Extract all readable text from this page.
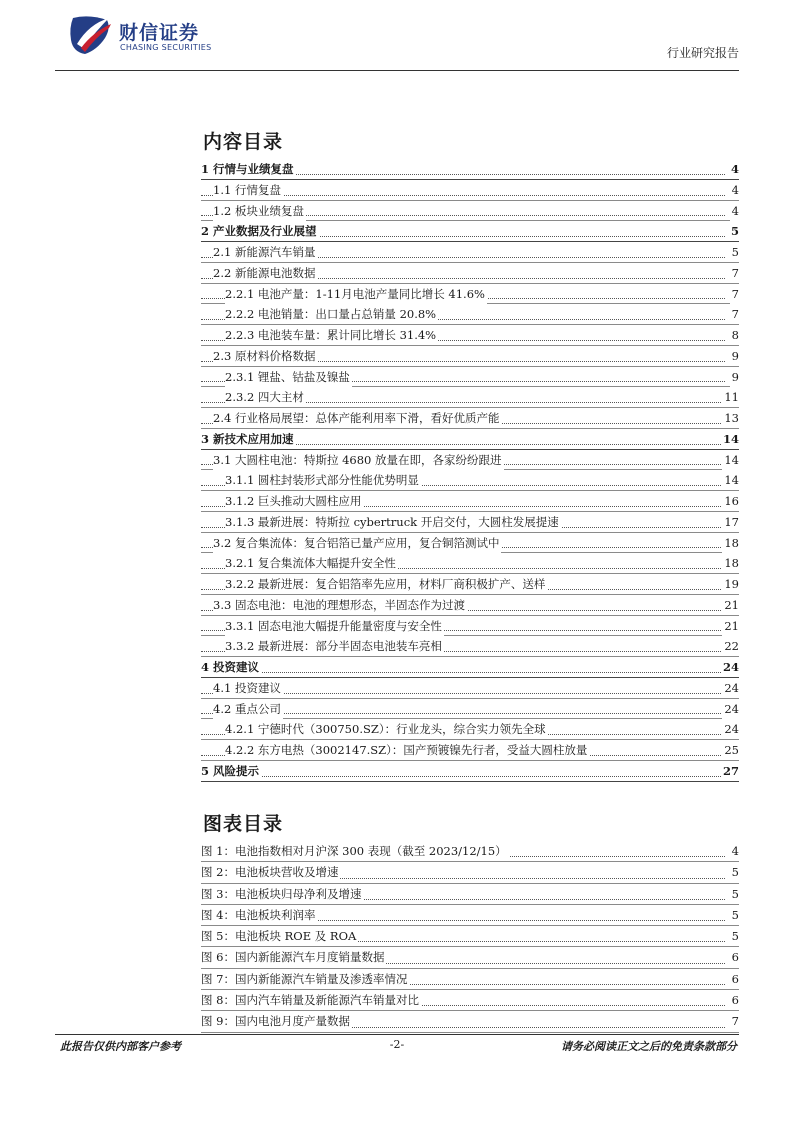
财信证券
CHASING SECURITIES	行业研究报告
内容目录
1 行情与业绩复盘	4
1.1 行情复盘	4
1.2 板块业绩复盘	4
2 产业数据及行业展望	5
2.1 新能源汽车销量	5
2.2 新能源电池数据	7
2.2.1 电池产量：1-11月电池产量同比增长 41.6%	7
2.2.2 电池销量：出口量占总销量 20.8%	7
2.2.3 电池装车量：累计同比增长 31.4%	8
2.3 原材料价格数据	9
2.3.1 锂盐、钴盐及镍盐	9
2.3.2 四大主材	11
2.4 行业格局展望：总体产能利用率下滑，看好优质产能	13
3 新技术应用加速	14
3.1 大圆柱电池：特斯拉 4680 放量在即，各家纷纷跟进	14
3.1.1 圆柱封装形式部分性能优势明显	14
3.1.2 巨头推动大圆柱应用	16
3.1.3 最新进展：特斯拉 cybertruck 开启交付，大圆柱发展提速	17
3.2 复合集流体：复合铝箔已量产应用，复合铜箔测试中	18
3.2.1 复合集流体大幅提升安全性	18
3.2.2 最新进展：复合铝箔率先应用，材料厂商积极扩产、送样	19
3.3 固态电池：电池的理想形态，半固态作为过渡	21
3.3.1 固态电池大幅提升能量密度与安全性	21
3.3.2 最新进展：部分半固态电池装车亮相	22
4 投资建议	24
4.1 投资建议	24
4.2 重点公司	24
4.2.1 宁德时代（300750.SZ）：行业龙头，综合实力领先全球	24
4.2.2 东方电热（3002147.SZ）：国产预镀镍先行者，受益大圆柱放量	25
5 风险提示	27
图表目录
图 1：电池指数相对月沪深 300 表现（截至 2023/12/15）	4
图 2：电池板块营收及增速	5
图 3：电池板块归母净利及增速	5
图 4：电池板块利润率	5
图 5：电池板块 ROE 及 ROA	5
图 6：国内新能源汽车月度销量数据	6
图 7：国内新能源汽车销量及渗透率情况	6
图 8：国内汽车销量及新能源汽车销量对比	6
图 9：国内电池月度产量数据	7
此报告仅供内部客户参考	-2-	请务必阅读正文之后的免责条款部分
